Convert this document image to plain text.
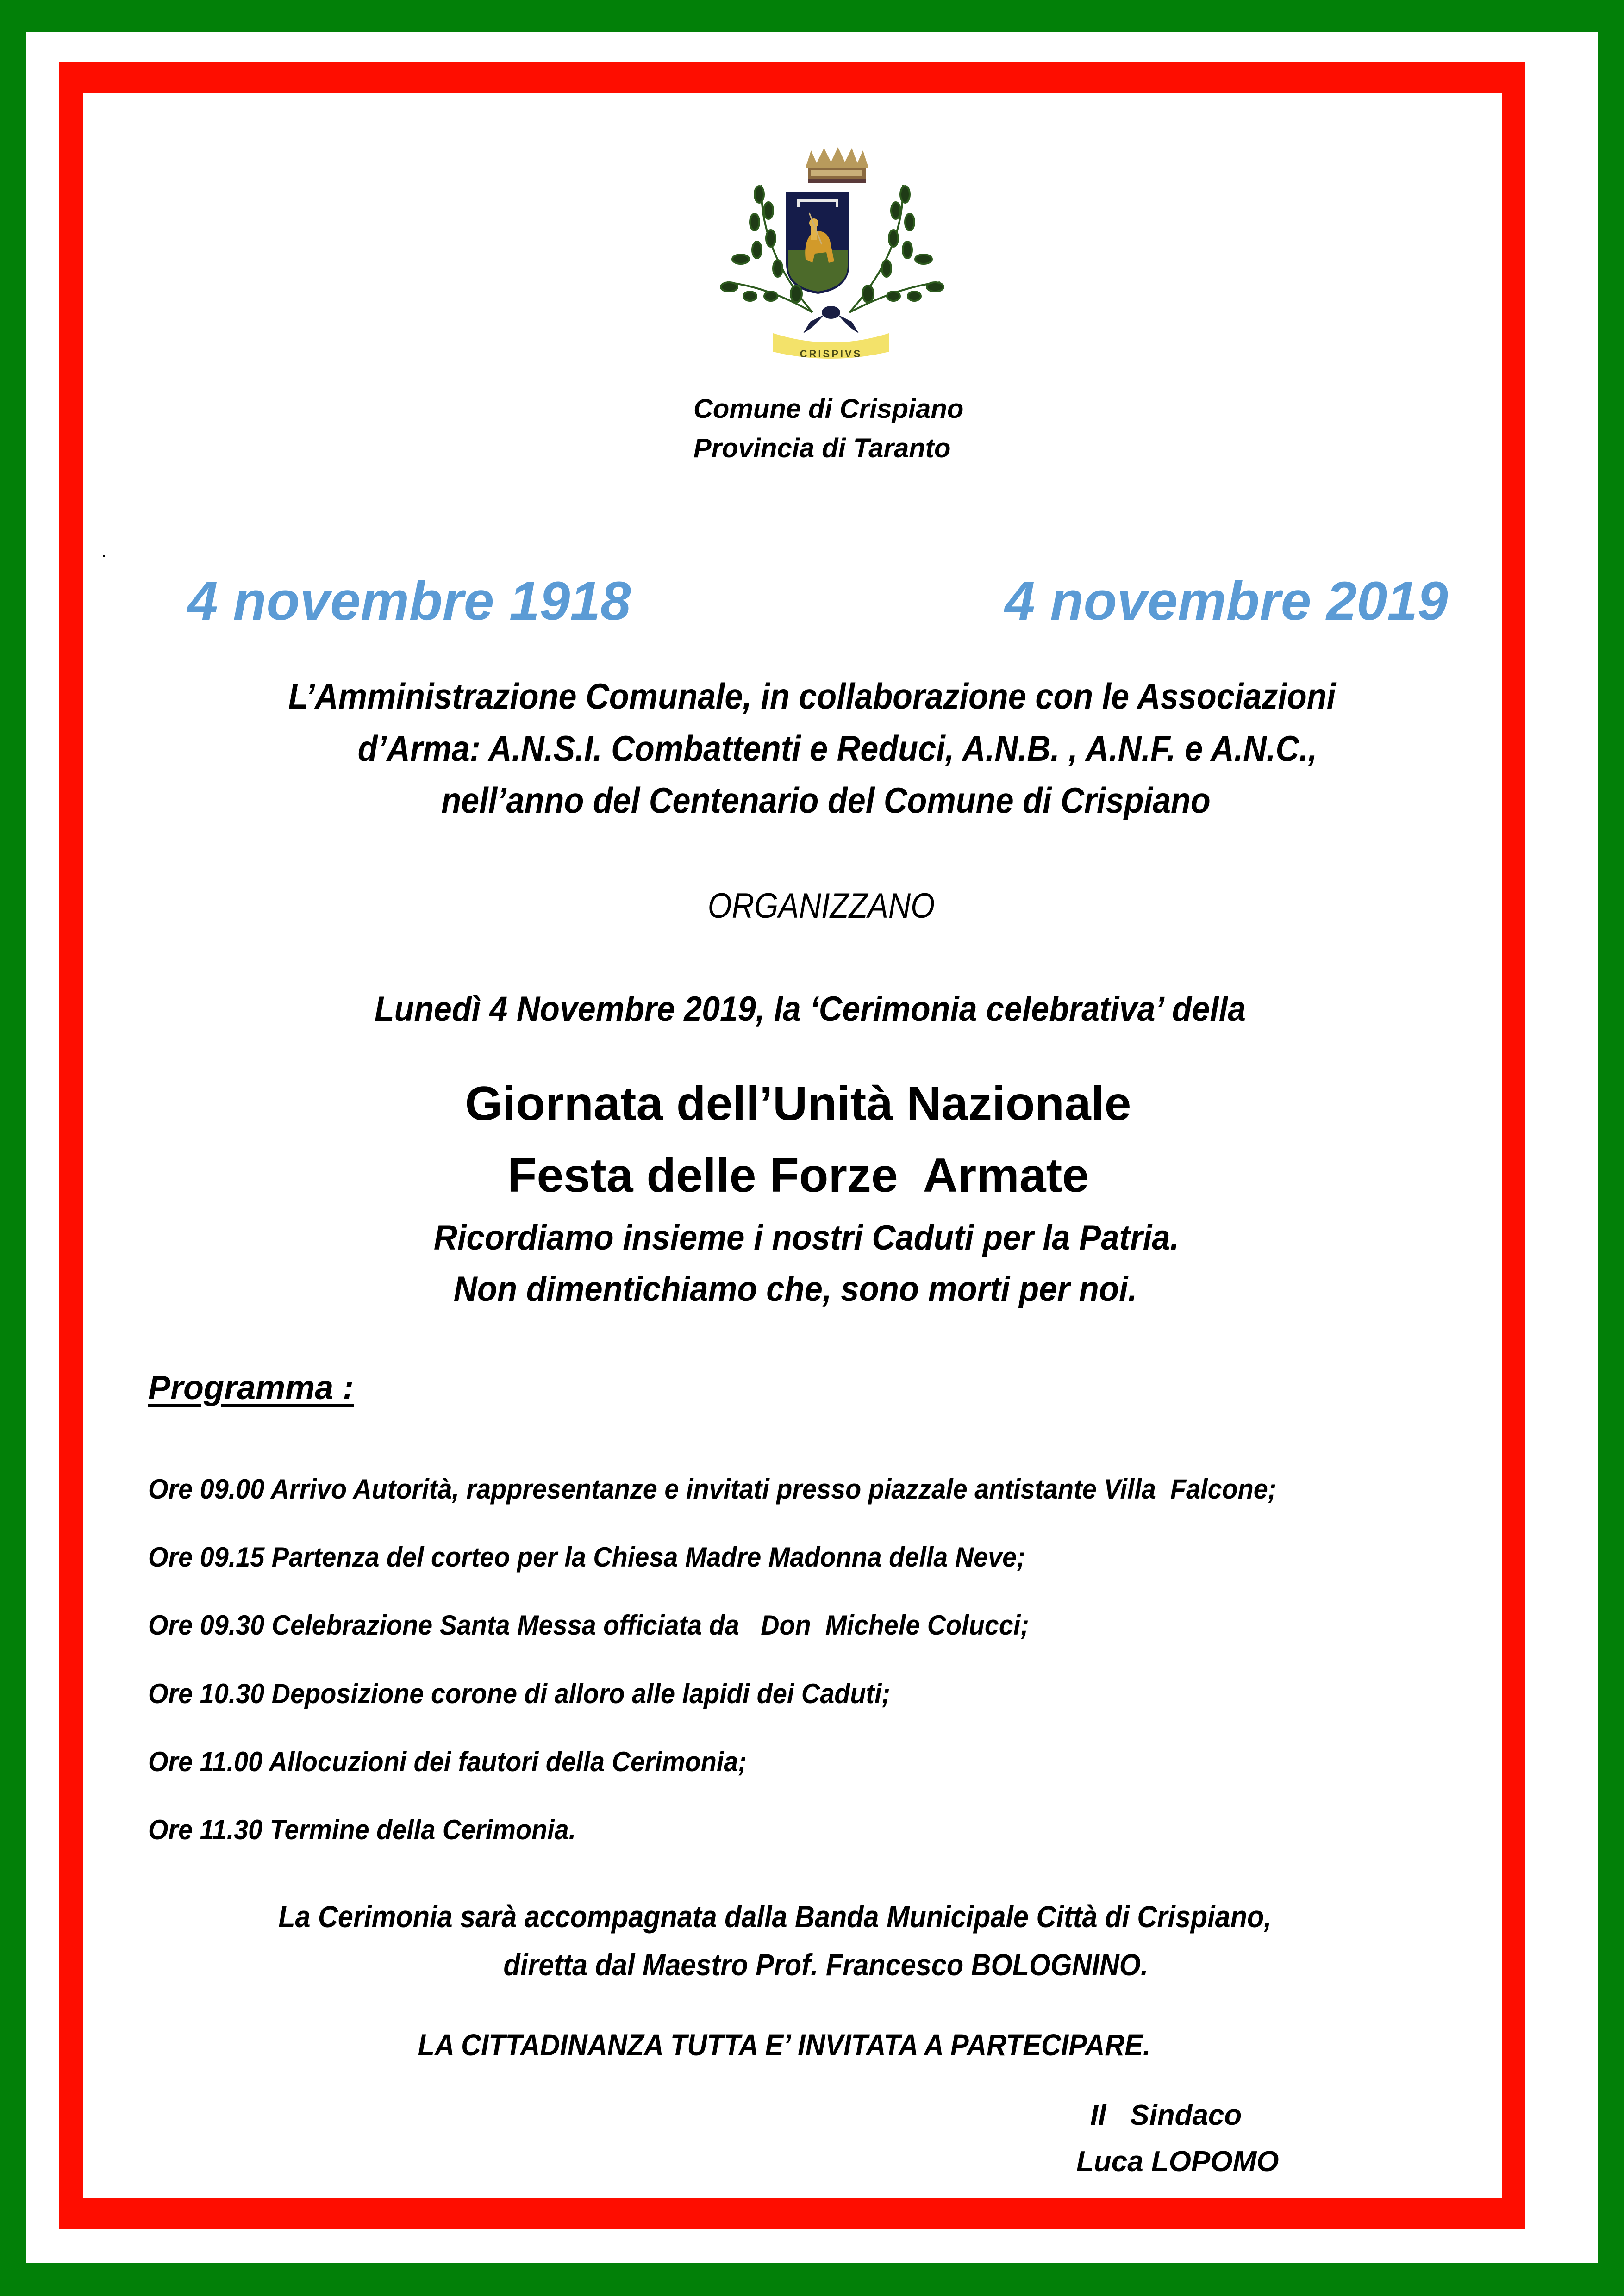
CRISPIVS
Comune di Crispiano
Provincia di Taranto
4 novembre 1918	4 novembre 2019
L’Amministrazione Comunale, in collaborazione con le Associazioni
d’Arma: A.N.S.I. Combattenti e Reduci, A.N.B. , A.N.F. e A.N.C.,
nell’anno del Centenario del Comune di Crispiano
ORGANIZZANO
Lunedì 4 Novembre 2019, la ‘Cerimonia celebrativa’ della
Giornata dell’Unità Nazionale
Festa delle Forze  Armate
Ricordiamo insieme i nostri Caduti per la Patria.
Non dimentichiamo che, sono morti per noi.
Programma :
Ore 09.00 Arrivo Autorità, rappresentanze e invitati presso piazzale antistante Villa  Falcone;
Ore 09.15 Partenza del corteo per la Chiesa Madre Madonna della Neve;
Ore 09.30 Celebrazione Santa Messa officiata da   Don  Michele Colucci;
Ore 10.30 Deposizione corone di alloro alle lapidi dei Caduti;
Ore 11.00 Allocuzioni dei fautori della Cerimonia;
Ore 11.30 Termine della Cerimonia.
La Cerimonia sarà accompagnata dalla Banda Municipale Città di Crispiano,
diretta dal Maestro Prof. Francesco BOLOGNINO.
LA CITTADINANZA TUTTA E’ INVITATA A PARTECIPARE.
Il   Sindaco
Luca LOPOMO
